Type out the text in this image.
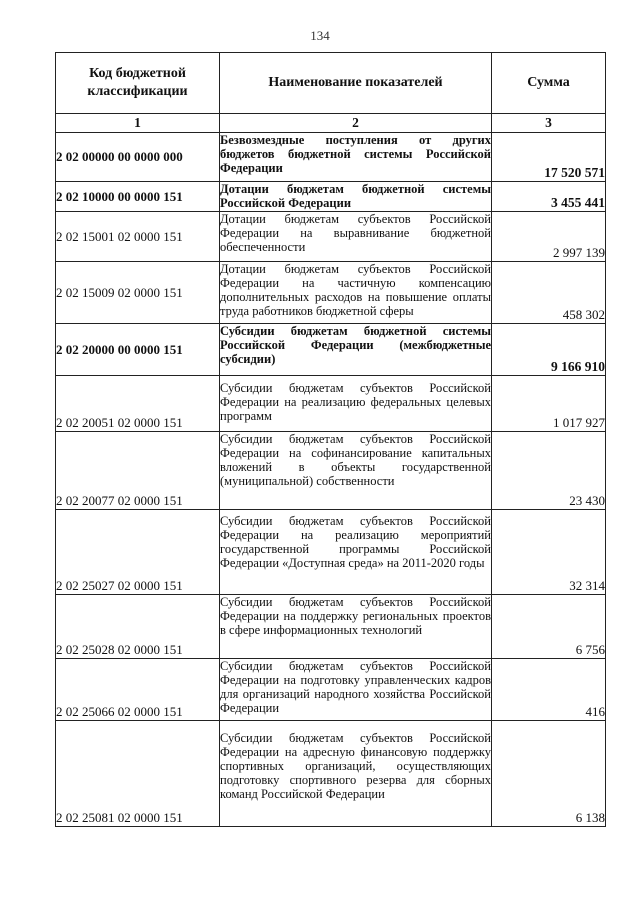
134
Код бюджетной классификации	Наименование показателей	Сумма
1	2	3
2 02 00000 00 0000 000	Безвозмездные поступления от других бюджетов бюджетной системы Российской Федерации	17 520 571
2 02 10000 00 0000 151	Дотации бюджетам бюджетной системы Российской Федерации	3 455 441
2 02 15001 02 0000 151	Дотации бюджетам субъектов Российской Федерации на выравнивание бюджетной обеспеченности	2 997 139
2 02 15009 02 0000 151	Дотации бюджетам субъектов Российской Федерации на частичную компенсацию дополнительных расходов на повышение оплаты труда работников бюджетной сферы	458 302
2 02 20000 00 0000 151	Субсидии бюджетам бюджетной системы Российской Федерации (межбюджетные субсидии)	9 166 910
2 02 20051 02 0000 151	Субсидии бюджетам субъектов Российской Федерации на реализацию федеральных целевых программ	1 017 927
2 02 20077 02 0000 151	Субсидии бюджетам субъектов Российской Федерации на софинансирование капитальных вложений в объекты государственной (муниципальной) собственности	23 430
2 02 25027 02 0000 151	Субсидии бюджетам субъектов Российской Федерации на реализацию мероприятий государственной программы Российской Федерации «Доступная среда» на 2011-2020 годы	32 314
2 02 25028 02 0000 151	Субсидии бюджетам субъектов Российской Федерации на поддержку региональных проектов в сфере информационных технологий	6 756
2 02 25066 02 0000 151	Субсидии бюджетам субъектов Российской Федерации на подготовку управленческих кадров для организаций народного хозяйства Российской Федерации	416
2 02 25081 02 0000 151	Субсидии бюджетам субъектов Российской Федерации на адресную финансовую поддержку спортивных организаций, осуществляющих подготовку спортивного резерва для сборных команд Российской Федерации	6 138
